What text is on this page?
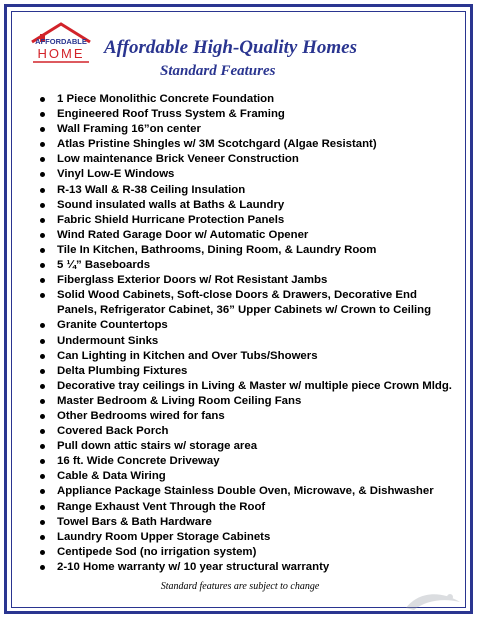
AFFORDABLE
HOME Affordable High-Quality Homes
Standard Features
1 Piece Monolithic Concrete Foundation
Engineered Roof Truss System & Framing
Wall Framing 16”on center
Atlas Pristine Shingles w/ 3M Scotchgard (Algae Resistant)
Low maintenance Brick Veneer Construction
Vinyl Low-E Windows
R-13 Wall & R-38 Ceiling Insulation
Sound insulated walls at Baths & Laundry
Fabric Shield Hurricane Protection Panels
Wind Rated Garage Door w/ Automatic Opener
Tile In Kitchen, Bathrooms, Dining Room, & Laundry Room
5 ¼” Baseboards
Fiberglass Exterior Doors w/ Rot Resistant Jambs
Solid Wood Cabinets, Soft-close Doors & Drawers, Decorative End Panels, Refrigerator Cabinet, 36” Upper Cabinets w/ Crown to Ceiling
Granite Countertops
Undermount Sinks
Can Lighting in Kitchen and Over Tubs/Showers
Delta Plumbing Fixtures
Decorative tray ceilings in Living & Master w/ multiple piece Crown Mldg.
Master Bedroom & Living Room Ceiling Fans
Other Bedrooms wired for fans
Covered Back Porch
Pull down attic stairs w/ storage area
16 ft. Wide Concrete Driveway
Cable & Data Wiring
Appliance Package Stainless Double Oven, Microwave, & Dishwasher
Range Exhaust Vent Through the Roof
Towel Bars & Bath Hardware
Laundry Room Upper Storage Cabinets
Centipede Sod (no irrigation system)
2-10 Home warranty w/ 10 year structural warranty
Standard features are subject to change
